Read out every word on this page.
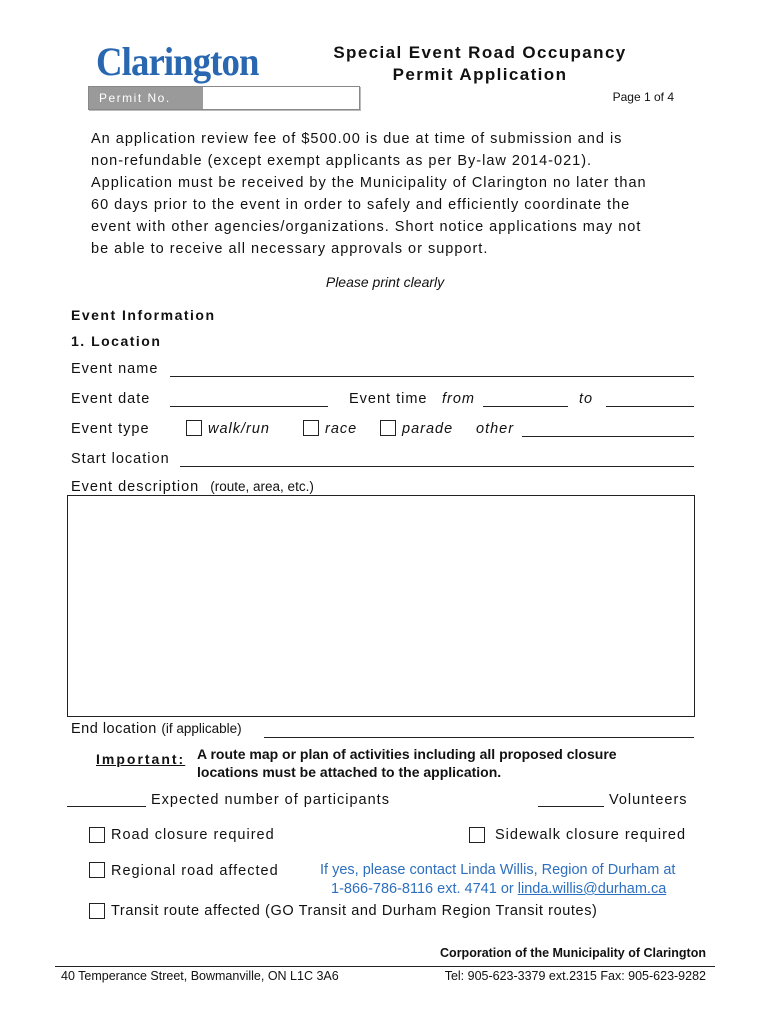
Clarington
Permit No.
Special Event Road Occupancy
Permit Application
Page 1 of 4
An application review fee of $500.00 is due at time of submission and is
non-refundable (except exempt applicants as per By-law 2014-021).
Application must be received by the Municipality of Clarington no later than
60 days prior to the event in order to safely and efficiently coordinate the
event with other agencies/organizations. Short notice applications may not
be able to receive all necessary approvals or support.
Please print clearly
Event Information
1. Location
Event name
Event date	Event time from	to
Event type	walk/run	race	parade other
Start location
Event description (route, area, etc.)
End location (if applicable)
Important: A route map or plan of activities including all proposed closure
locations must be attached to the application.
Expected number of participants	Volunteers
Road closure required	Sidewalk closure required
Regional road affected	If yes, please contact Linda Willis, Region of Durham at
1-866-786-8116 ext. 4741 or linda.willis@durham.ca
Transit route affected (GO Transit and Durham Region Transit routes)
Corporation of the Municipality of Clarington
40 Temperance Street, Bowmanville, ON L1C 3A6	Tel: 905-623-3379 ext.2315 Fax: 905-623-9282
